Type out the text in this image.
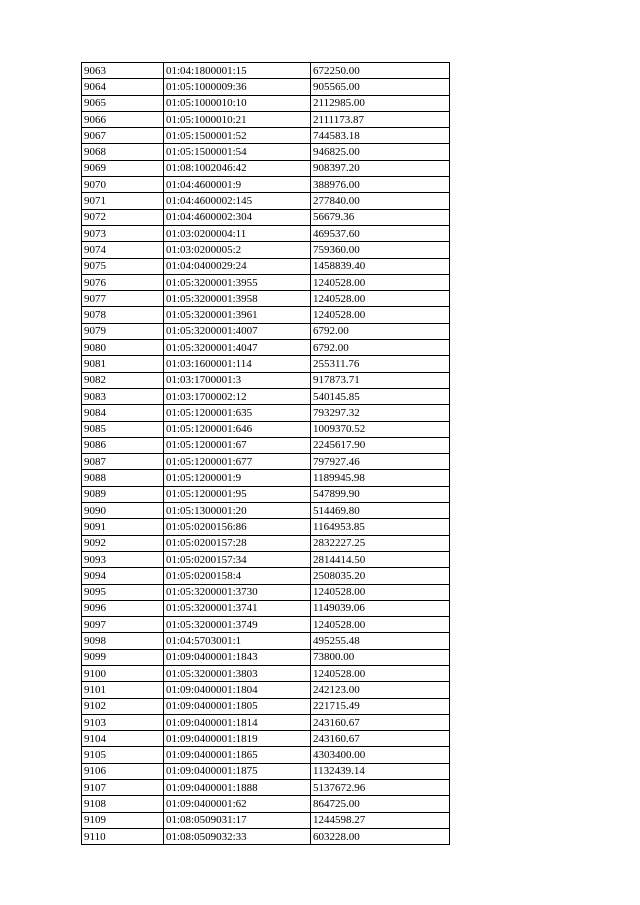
9063	01:04:1800001:15	672250.00
9064	01:05:1000009:36	905565.00
9065	01:05:1000010:10	2112985.00
9066	01:05:1000010:21	2111173.87
9067	01:05:1500001:52	744583.18
9068	01:05:1500001:54	946825.00
9069	01:08:1002046:42	908397.20
9070	01:04:4600001:9	388976.00
9071	01:04:4600002:145	277840.00
9072	01:04:4600002:304	56679.36
9073	01:03:0200004:11	469537.60
9074	01:03:0200005:2	759360.00
9075	01:04:0400029:24	1458839.40
9076	01:05:3200001:3955	1240528.00
9077	01:05:3200001:3958	1240528.00
9078	01:05:3200001:3961	1240528.00
9079	01:05:3200001:4007	6792.00
9080	01:05:3200001:4047	6792.00
9081	01:03:1600001:114	255311.76
9082	01:03:1700001:3	917873.71
9083	01:03:1700002:12	540145.85
9084	01:05:1200001:635	793297.32
9085	01:05:1200001:646	1009370.52
9086	01:05:1200001:67	2245617.90
9087	01:05:1200001:677	797927.46
9088	01:05:1200001:9	1189945.98
9089	01:05:1200001:95	547899.90
9090	01:05:1300001:20	514469.80
9091	01:05:0200156:86	1164953.85
9092	01:05:0200157:28	2832227.25
9093	01:05:0200157:34	2814414.50
9094	01:05:0200158:4	2508035.20
9095	01:05:3200001:3730	1240528.00
9096	01:05:3200001:3741	1149039.06
9097	01:05:3200001:3749	1240528.00
9098	01:04:5703001:1	495255.48
9099	01:09:0400001:1843	73800.00
9100	01:05:3200001:3803	1240528.00
9101	01:09:0400001:1804	242123.00
9102	01:09:0400001:1805	221715.49
9103	01:09:0400001:1814	243160.67
9104	01:09:0400001:1819	243160.67
9105	01:09:0400001:1865	4303400.00
9106	01:09:0400001:1875	1132439.14
9107	01:09:0400001:1888	5137672.96
9108	01:09:0400001:62	864725.00
9109	01:08:0509031:17	1244598.27
9110	01:08:0509032:33	603228.00
